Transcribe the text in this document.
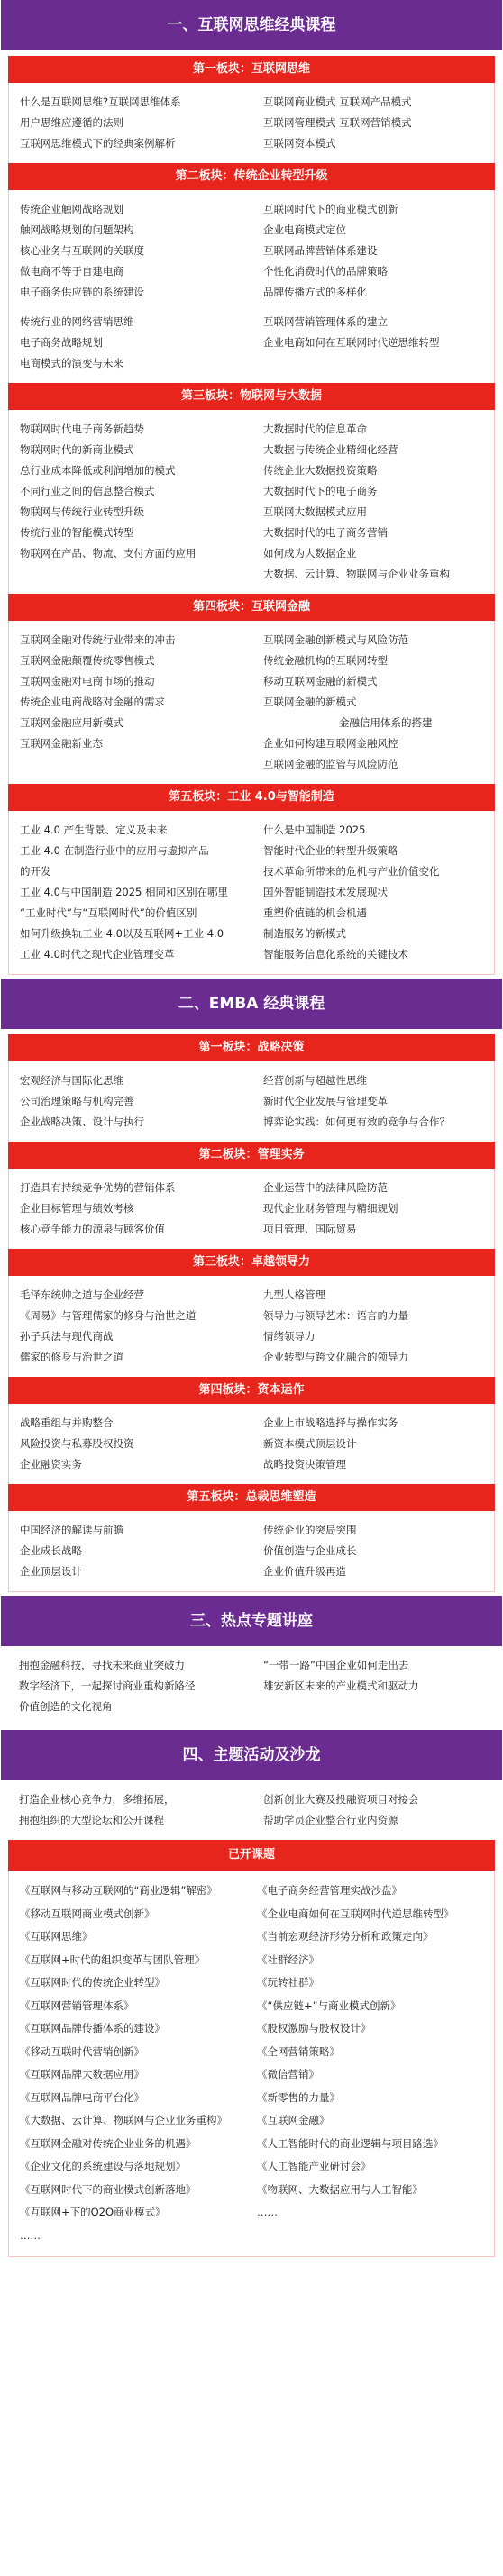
一、互联网思维经典课程
第一板块：互联网思维
什么是互联网思维?互联网思维体系
用户思维应遵循的法则
互联网思维模式下的经典案例解析
互联网商业模式 互联网产品模式
互联网管理模式 互联网营销模式
互联网资本模式
第二板块：传统企业转型升级
传统企业触网战略规划
触网战略规划的问题架构
核心业务与互联网的关联度
做电商不等于自建电商
电子商务供应链的系统建设
传统行业的网络营销思维
电子商务战略规划
电商模式的演变与未来
互联网时代下的商业模式创新
企业电商模式定位
互联网品牌营销体系建设
个性化消费时代的品牌策略
品牌传播方式的多样化
互联网营销管理体系的建立
企业电商如何在互联网时代逆思维转型
第三板块：物联网与大数据
物联网时代电子商务新趋势
物联网时代的新商业模式
总行业成本降低或利润增加的模式
不同行业之间的信息整合模式
物联网与传统行业转型升级
传统行业的智能模式转型
物联网在产品、物流、支付方面的应用
大数据时代的信息革命
大数据与传统企业精细化经营
传统企业大数据投资策略
大数据时代下的电子商务
互联网大数据模式应用
大数据时代的电子商务营销
如何成为大数据企业
大数据、云计算、物联网与企业业务重构
第四板块：互联网金融
互联网金融对传统行业带来的冲击
互联网金融颠覆传统零售模式
互联网金融对电商市场的推动
传统企业电商战略对金融的需求
互联网金融应用新模式
互联网金融新业态
互联网金融创新模式与风险防范
传统金融机构的互联网转型
移动互联网金融的新模式
互联网金融的新模式
金融信用体系的搭建
企业如何构建互联网金融风控
互联网金融的监管与风险防范
第五板块：工业 4.0与智能制造
工业 4.0 产生背景、定义及未来
工业 4.0 在制造行业中的应用与虚拟产品
的开发
工业 4.0与中国制造 2025 相同和区别在哪里
“工业时代”与“互联网时代”的价值区别
如何升级换轨工业 4.0以及互联网+工业 4.0
工业 4.0时代之现代企业管理变革
什么是中国制造 2025
智能时代企业的转型升级策略
技术革命所带来的危机与产业价值变化
国外智能制造技术发展现状
重塑价值链的机会机遇
制造服务的新模式
智能服务信息化系统的关键技术
二、EMBA 经典课程
第一板块：战略决策
宏观经济与国际化思维
公司治理策略与机构完善
企业战略决策、设计与执行
经营创新与超越性思维
新时代企业发展与管理变革
博弈论实践：如何更有效的竞争与合作？
第二板块：管理实务
打造具有持续竞争优势的营销体系
企业目标管理与绩效考核
核心竞争能力的源泉与顾客价值
企业运营中的法律风险防范
现代企业财务管理与精细规划
项目管理、国际贸易
第三板块：卓越领导力
毛泽东统帅之道与企业经营
《周易》与管理儒家的修身与治世之道
孙子兵法与现代商战
儒家的修身与治世之道
九型人格管理
领导力与领导艺术：语言的力量
情绪领导力
企业转型与跨文化融合的领导力
第四板块：资本运作
战略重组与并购整合
风险投资与私募股权投资
企业融资实务
企业上市战略选择与操作实务
新资本模式顶层设计
战略投资决策管理
第五板块：总裁思维塑造
中国经济的解读与前瞻
企业成长战略
企业顶层设计
传统企业的突局突围
价值创造与企业成长
企业价值升级再造
三、热点专题讲座
拥抱金融科技，寻找未来商业突破力
数字经济下，一起探讨商业重构新路径
价值创造的文化视角
“一带一路”中国企业如何走出去
雄安新区未来的产业模式和驱动力
四、主题活动及沙龙
打造企业核心竞争力，多维拓展，
拥抱组织的大型论坛和公开课程
创新创业大赛及投融资项目对接会
帮助学员企业整合行业内资源
已开课题
《互联网与移动互联网的“商业逻辑”解密》
《移动互联网商业模式创新》
《互联网思维》
《互联网+时代的组织变革与团队管理》
《互联网时代的传统企业转型》
《互联网营销管理体系》
《互联网品牌传播体系的建设》
《移动互联时代营销创新》
《互联网品牌大数据应用》
《互联网品牌电商平台化》
《大数据、云计算、物联网与企业业务重构》
《互联网金融对传统企业业务的机遇》
《企业文化的系统建设与落地规划》
《互联网时代下的商业模式创新落地》
《互联网+下的O2O商业模式》
……
《电子商务经营管理实战沙盘》
《企业电商如何在互联网时代逆思维转型》
《当前宏观经济形势分析和政策走向》
《社群经济》
《玩转社群》
《“供应链+”与商业模式创新》
《股权激励与股权设计》
《全网营销策略》
《微信营销》
《新零售的力量》
《互联网金融》
《人工智能时代的商业逻辑与项目路选》
《人工智能产业研讨会》
《物联网、大数据应用与人工智能》
……
